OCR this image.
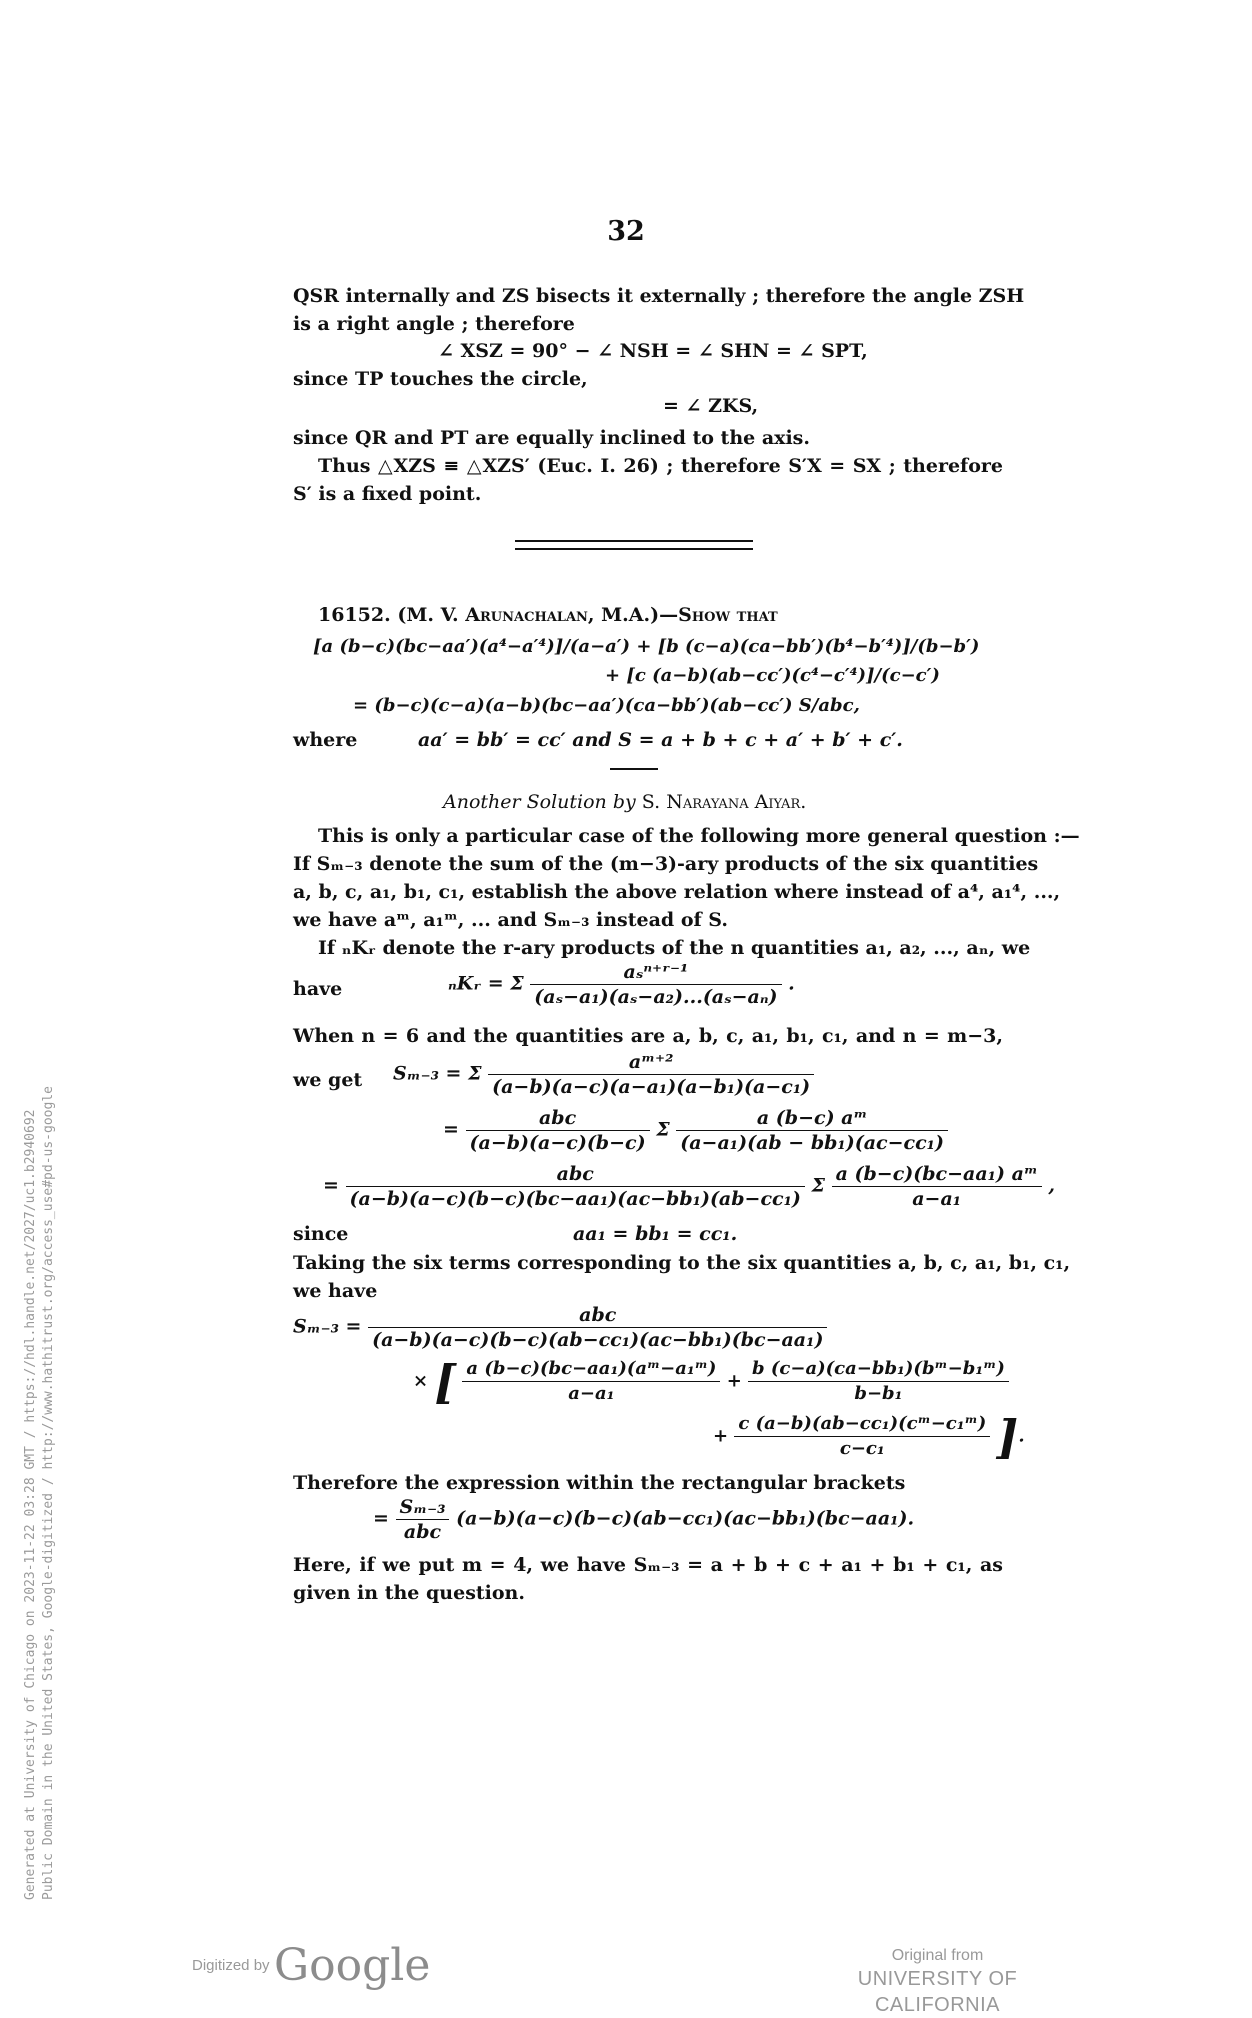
32
QSR internally and ZS bisects it externally ; therefore the angle ZSH
is a right angle ; therefore
∠ XSZ = 90° − ∠ NSH = ∠ SHN = ∠ SPT,
since TP touches the circle,
= ∠ ZKS,
since QR and PT are equally inclined to the axis.
Thus △XZS ≡ △XZS′ (Euc. I. 26) ; therefore S′X = SX ; therefore
S′ is a fixed point.
16152. (M. V. Arunachalan, M.A.)—Show that
[a (b−c)(bc−aa′)(a⁴−a′⁴)]/(a−a′) + [b (c−a)(ca−bb′)(b⁴−b′⁴)]/(b−b′)
+ [c (a−b)(ab−cc′)(c⁴−c′⁴)]/(c−c′)
= (b−c)(c−a)(a−b)(bc−aa′)(ca−bb′)(ab−cc′) S/abc,
where	aa′ = bb′ = cc′ and S = a + b + c + a′ + b′ + c′.
Another Solution by S. Narayana Aiyar.
This is only a particular case of the following more general question :—
If Sₘ₋₃ denote the sum of the (m−3)-ary products of the six quantities
a, b, c, a₁, b₁, c₁, establish the above relation where instead of a⁴, a₁⁴, ...,
we have aᵐ, a₁ᵐ, ... and Sₘ₋₃ instead of S.
If ₙKᵣ denote the r-ary products of the n quantities a₁, a₂, ..., aₙ, we
have	ₙKᵣ = Σ $\frac{\text{aₛⁿ⁺ʳ⁻¹}}{\text{(aₛ−a₁)(aₛ−a₂)...(aₛ−aₙ)}}$ .
When n = 6 and the quantities are a, b, c, a₁, b₁, c₁, and n = m−3,
we get	Sₘ₋₃ = Σ $\frac{\text{aᵐ⁺²}}{\text{(a−b)(a−c)(a−a₁)(a−b₁)(a−c₁)}}$
= $\frac{\text{abc}}{(a-b)(a-c)(b-c)}$ Σ $\frac{\text{a (b−c) aᵐ}}{\text{(a−a₁)(ab − bb₁)(ac−cc₁)}}$
= $\frac{\text{abc}}{\text{(a−b)(a−c)(b−c)(bc−aa₁)(ac−bb₁)(ab−cc₁)}}$ Σ $\frac{\text{a (b−c)(bc−aa₁) aᵐ}}{\text{a−a₁}}$ ,
since	aa₁ = bb₁ = cc₁.
Taking the six terms corresponding to the six quantities a, b, c, a₁, b₁, c₁,
we have
$S_{m-3} = \frac{\text{abc}}{\text{(a−b)(a−c)(b−c)(ab−cc₁)(ac−bb₁)(bc−aa₁)}}$
× [ $\frac{\text{a (b−c)(bc−aa₁)(aᵐ−a₁ᵐ)}}{\text{a−a₁}} + \frac{\text{b (c−a)(ca−bb₁)(bᵐ−b₁ᵐ)}}{\text{b−b₁}}$
+ $\frac{\text{c (a−b)(ab−cc₁)(cᵐ−c₁ᵐ)}}{\text{c−c₁}}$ ].
Therefore the expression within the rectangular brackets
= $\frac{\text{Sₘ₋₃}}{\text{abc}} (a-b)(a-c)(b-c)(ab-cc_1)(ac-bb_1)(bc-aa_1)$.
Here, if we put m = 4, we have Sₘ₋₃ = a + b + c + a₁ + b₁ + c₁, as
given in the question.
Generated at University of Chicago on 2023-11-22 03:28 GMT / https://hdl.handle.net/2027/uc1.b2940692 Public Domain in the United States, Google-digitized / http://www.hathitrust.org/access_use#pd-us-google
Digitized by Google	Original from
UNIVERSITY OF CALIFORNIA
